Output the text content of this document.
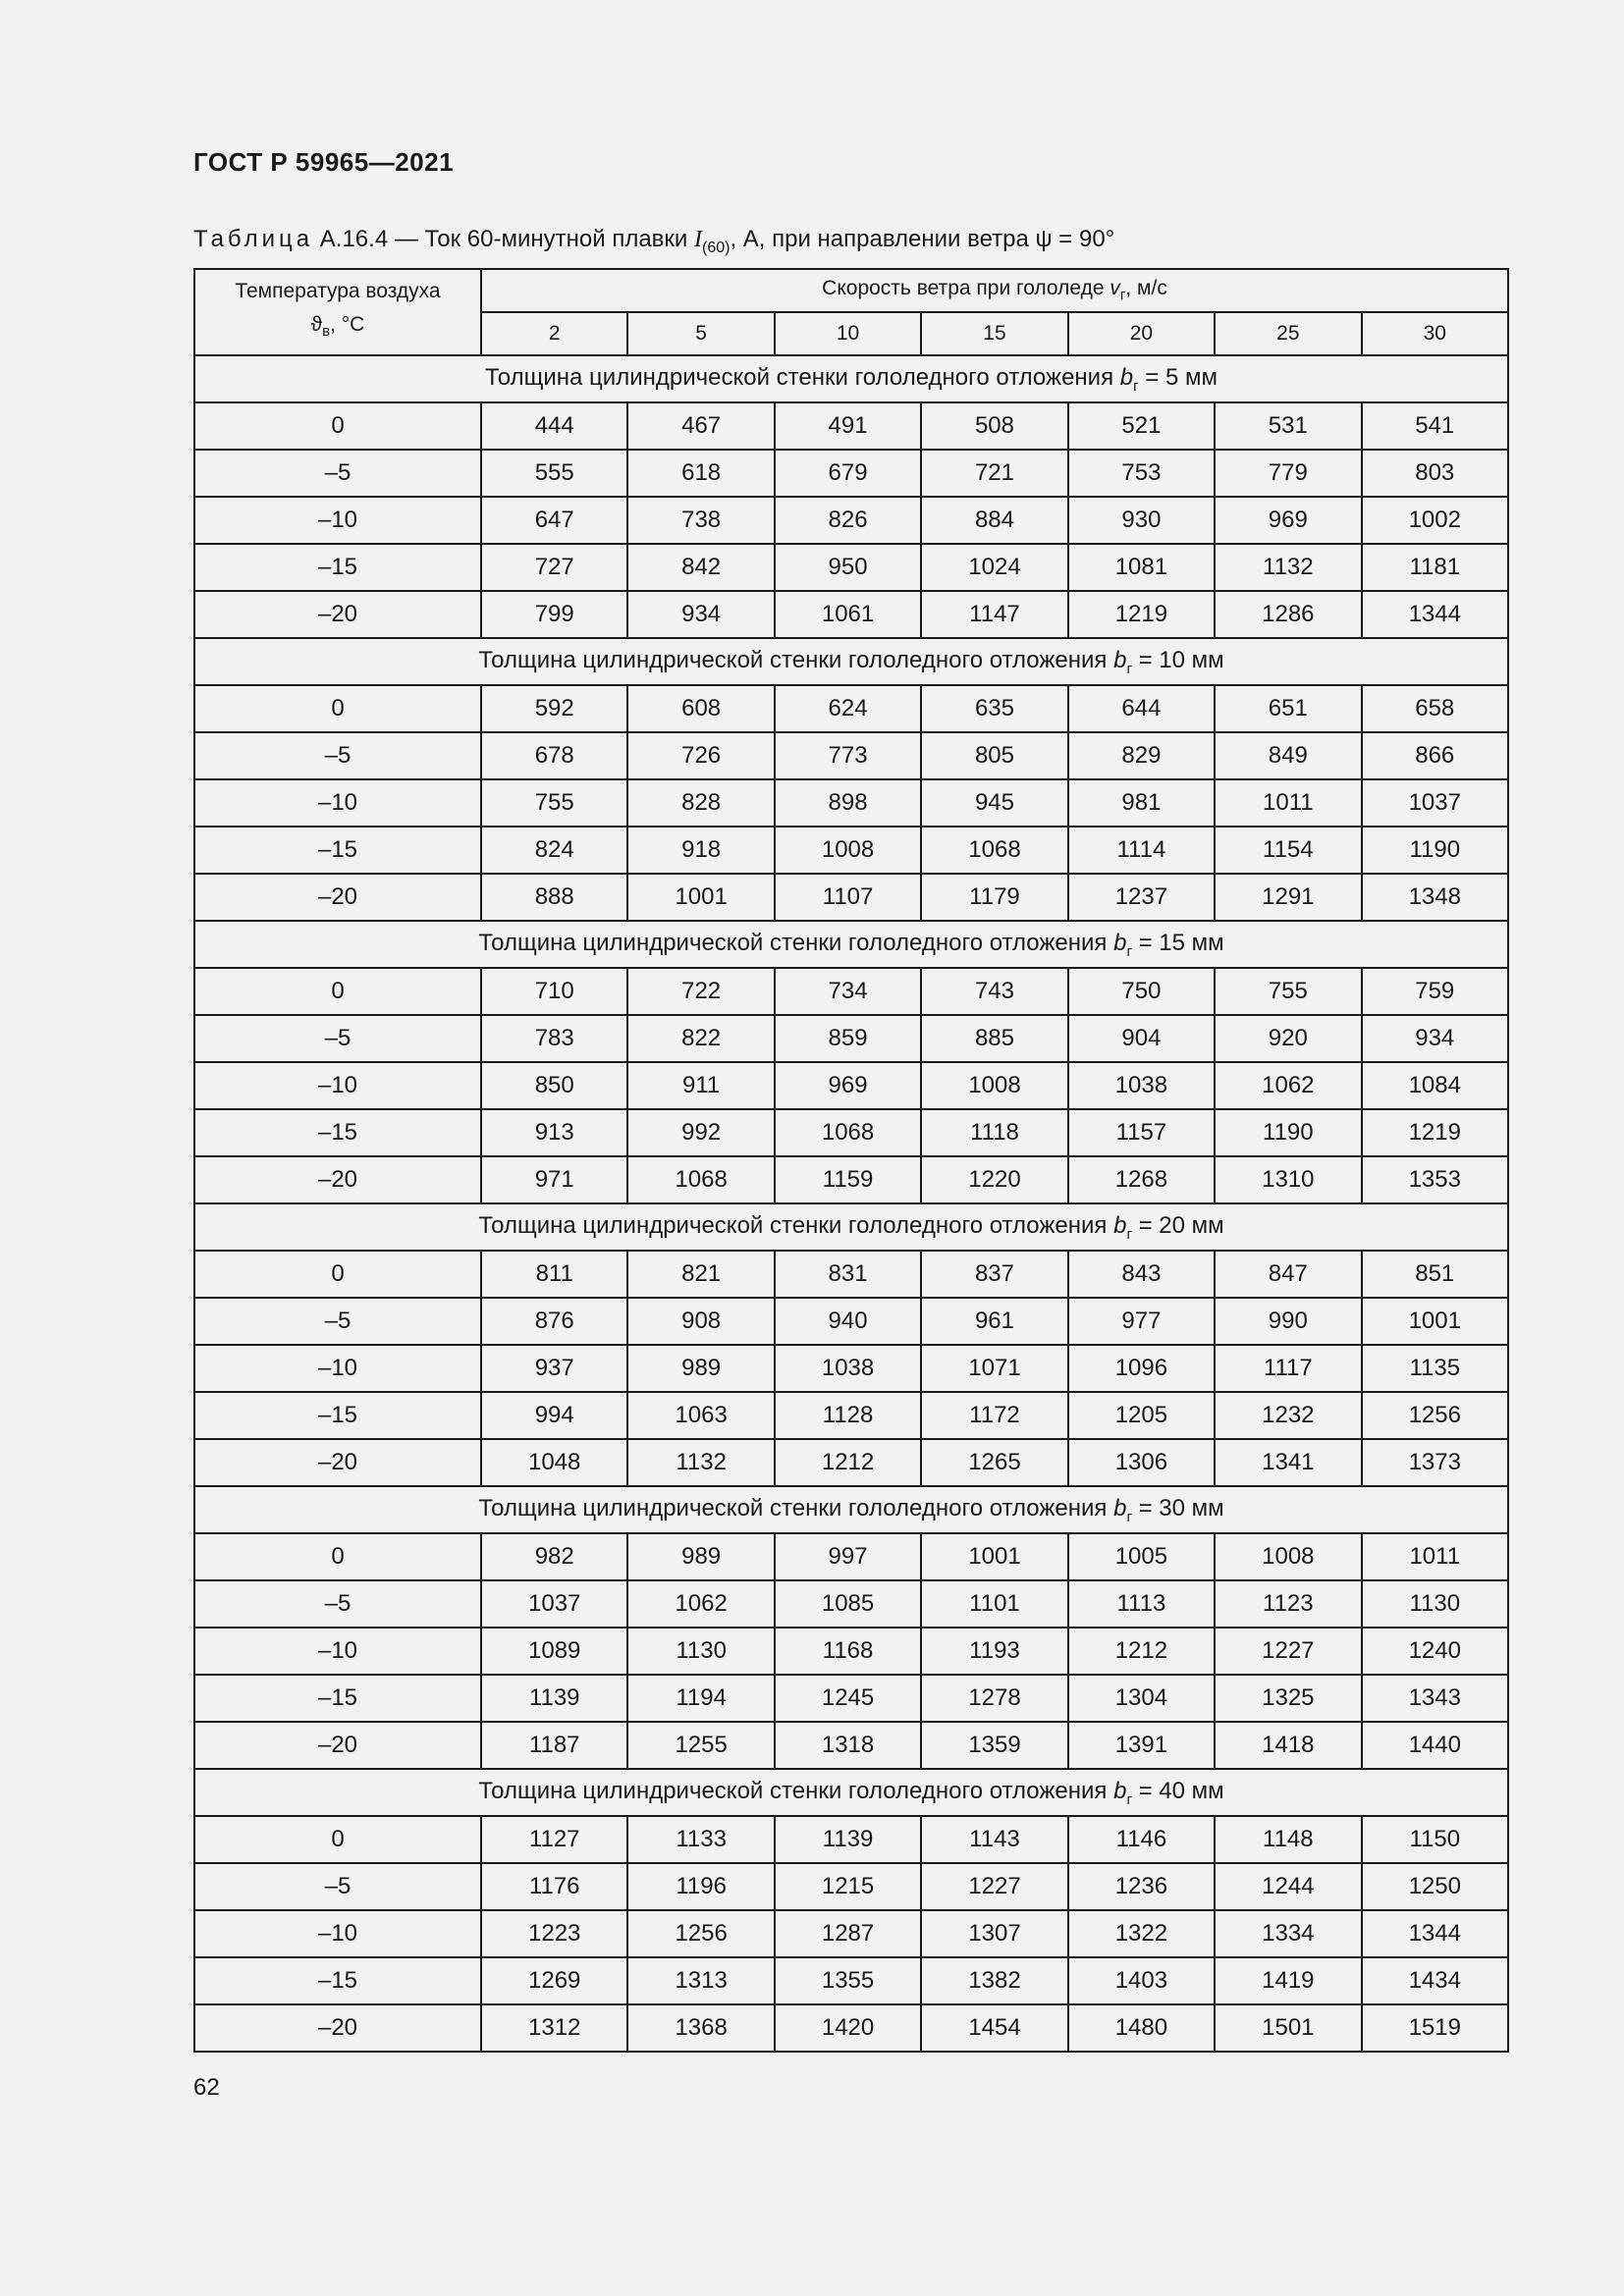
ГОСТ Р 59965—2021
Таблица А.16.4 — Ток 60-минутной плавки $I_{(60)}$, А, при направлении ветра ψ = 90°
Температура воздуха
$ϑ_в$, °С	Скорость ветра при гололеде $v_г$, м/с						
	2	5	10	15	20	25	30
Толщина цилиндрической стенки гололедного отложения $b_г = 5$ мм							
0	444	467	491	508	521	531	541
–5	555	618	679	721	753	779	803
–10	647	738	826	884	930	969	1002
–15	727	842	950	1024	1081	1132	1181
–20	799	934	1061	1147	1219	1286	1344
Толщина цилиндрической стенки гололедного отложения $b_г = 10$ мм							
0	592	608	624	635	644	651	658
–5	678	726	773	805	829	849	866
–10	755	828	898	945	981	1011	1037
–15	824	918	1008	1068	1114	1154	1190
–20	888	1001	1107	1179	1237	1291	1348
Толщина цилиндрической стенки гололедного отложения $b_г = 15$ мм							
0	710	722	734	743	750	755	759
–5	783	822	859	885	904	920	934
–10	850	911	969	1008	1038	1062	1084
–15	913	992	1068	1118	1157	1190	1219
–20	971	1068	1159	1220	1268	1310	1353
Толщина цилиндрической стенки гололедного отложения $b_г = 20$ мм							
0	811	821	831	837	843	847	851
–5	876	908	940	961	977	990	1001
–10	937	989	1038	1071	1096	1117	1135
–15	994	1063	1128	1172	1205	1232	1256
–20	1048	1132	1212	1265	1306	1341	1373
Толщина цилиндрической стенки гололедного отложения $b_г = 30$ мм							
0	982	989	997	1001	1005	1008	1011
–5	1037	1062	1085	1101	1113	1123	1130
–10	1089	1130	1168	1193	1212	1227	1240
–15	1139	1194	1245	1278	1304	1325	1343
–20	1187	1255	1318	1359	1391	1418	1440
Толщина цилиндрической стенки гололедного отложения $b_г = 40$ мм							
0	1127	1133	1139	1143	1146	1148	1150
–5	1176	1196	1215	1227	1236	1244	1250
–10	1223	1256	1287	1307	1322	1334	1344
–15	1269	1313	1355	1382	1403	1419	1434
–20	1312	1368	1420	1454	1480	1501	1519
62
